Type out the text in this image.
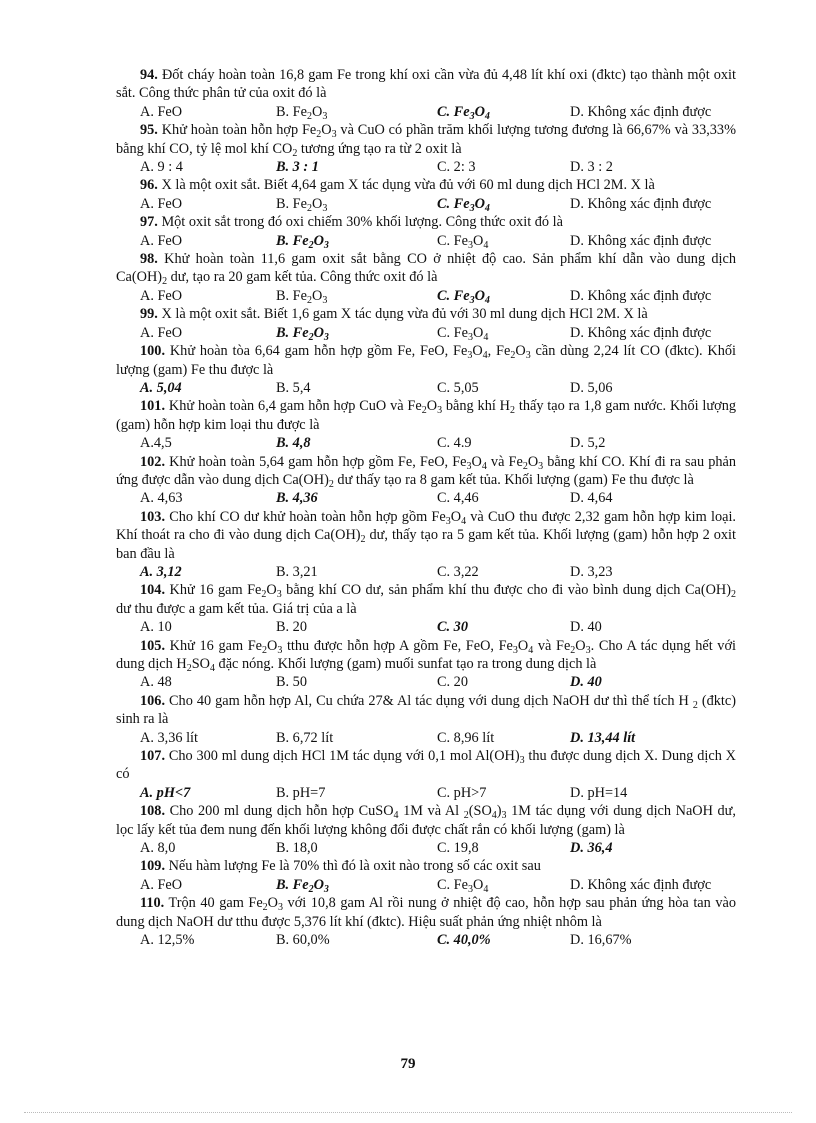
94. Đốt cháy hoàn toàn 16,8 gam Fe trong khí oxi cần vừa đủ 4,48 lít khí oxi (đktc) tạo thành một oxit sắt. Công thức phân tử của oxit đó là

A. FeO	B. $Fe_2O_3$	C. $Fe_3O_4$	D. Không xác định được

95. Khử hoàn toàn hỗn hợp $Fe_2O_3$ và CuO có phần trăm khối lượng tương đương là 66,67% và 33,33% bằng khí CO, tỷ lệ mol khí $CO_2$ tương ứng tạo ra từ 2 oxit là

A. 9 : 4	B. 3 : 1	C. 2: 3	D. 3 : 2

96. X là một oxit sắt. Biết 4,64 gam X tác dụng vừa đủ với 60 ml dung dịch HCl 2M. X là

A. FeO	B. $Fe_2O_3$	C. $Fe_3O_4$	D. Không xác định được

97. Một oxit sắt trong đó oxi chiếm 30% khối lượng. Công thức oxit đó là

A. FeO	B. $Fe_2O_3$	C. $Fe_3O_4$	D. Không xác định được

98. Khử hoàn toàn 11,6 gam oxit sắt bằng CO ở nhiệt độ cao. Sản phẩm khí dẫn vào dung dịch $Ca(OH)_2$ dư, tạo ra 20 gam kết tủa. Công thức oxit đó là

A. FeO	B. $Fe_2O_3$	C. $Fe_3O_4$	D. Không xác định được

99. X là một oxit sắt. Biết 1,6 gam X tác dụng vừa đủ với 30 ml dung dịch HCl 2M. X là

A. FeO	B. $Fe_2O_3$	C. $Fe_3O_4$	D. Không xác định được

100. Khử hoàn tòa 6,64 gam hỗn hợp gồm Fe, FeO, $Fe_3O_4$, $Fe_2O_3$ cần dùng 2,24 lít CO (đktc). Khối lượng (gam) Fe thu được là

A. 5,04	B. 5,4	C. 5,05	D. 5,06

101. Khử hoàn toàn 6,4 gam hỗn hợp CuO và $Fe_2O_3$ bằng khí $H_2$ thấy tạo ra 1,8 gam nước. Khối lượng (gam) hỗn hợp kim loại thu được là

A.4,5	B. 4,8	C. 4.9	D. 5,2

102. Khử hoàn toàn 5,64 gam hỗn hợp gồm Fe, FeO, $Fe_3O_4$ và $Fe_2O_3$ bằng khí CO. Khí đi ra sau phản ứng được dẫn vào dung dịch $Ca(OH)_2$ dư thấy tạo ra 8 gam kết tủa. Khối lượng (gam) Fe thu được là

A. 4,63	B. 4,36	C. 4,46	D. 4,64

103. Cho khí CO dư khử hoàn toàn hỗn hợp gồm $Fe_3O_4$ và CuO thu được 2,32 gam hỗn hợp kim loại. Khí thoát ra cho đi vào dung dịch $Ca(OH)_2$ dư, thấy tạo ra 5 gam kết tủa. Khối lượng (gam) hỗn hợp 2 oxit ban đầu là

A. 3,12	B. 3,21	C. 3,22	D. 3,23

104. Khử 16 gam $Fe_2O_3$ bằng khí CO dư, sản phẩm khí thu được cho đi vào bình dung dịch $Ca(OH)_2$ dư thu được a gam kết tủa. Giá trị của a là

A. 10	B. 20	C. 30	D. 40

105. Khử 16 gam $Fe_2O_3$ tthu được hỗn hợp A gồm Fe, FeO, $Fe_3O_4$ và $Fe_2O_3$. Cho A tác dụng hết với dung dịch $H_2SO_4$ đặc nóng. Khối lượng (gam) muối sunfat tạo ra trong dung dịch là

A. 48	B. 50	C. 20	D. 40

106. Cho 40 gam hỗn hợp Al, Cu chứa 27& Al tác dụng với dung dịch NaOH dư thì thể tích H $_2$ (đktc) sinh ra là

A. 3,36 lít	B. 6,72 lít	C. 8,96 lít	D. 13,44 lít

107. Cho 300 ml dung dịch HCl 1M tác dụng với 0,1 mol $Al(OH)_3$ thu được dung dịch X. Dung dịch X có

A. pH<7	B. pH=7	C. pH>7	D. pH=14

108. Cho 200 ml dung dịch hỗn hợp CuSO$_4$ 1M và Al $_2(SO_4)_3$ 1M tác dụng với dung dịch NaOH dư, lọc lấy kết tủa đem nung đến khối lượng không đổi được chất rắn có khối lượng (gam) là

A. 8,0	B. 18,0	C. 19,8	D. 36,4

109. Nếu hàm lượng Fe là 70% thì đó là oxit nào trong số các oxit sau

A. FeO	B. $Fe_2O_3$	C. $Fe_3O_4$	D. Không xác định được

110. Trộn 40 gam $Fe_2O_3$ với 10,8 gam Al rồi nung ở nhiệt độ cao, hỗn hợp sau phản ứng hòa tan vào dung dịch NaOH dư tthu được 5,376 lít khí (đktc). Hiệu suất phản ứng nhiệt nhôm là

A. 12,5%	B. 60,0%	C. 40,0%	D. 16,67%
79
